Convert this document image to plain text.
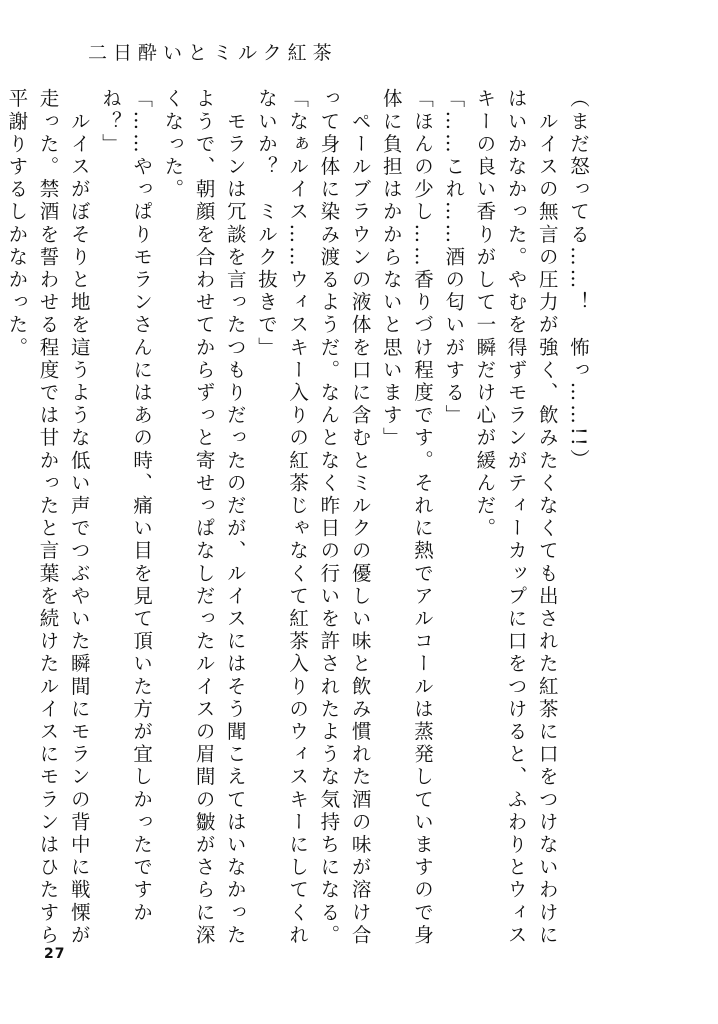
二日酔いとミルク紅茶

（まだ怒ってる……！　怖っ……!!）

　ルイスの無言の圧力が強く、飲みたくなくても出された紅茶に口をつけないわけにはいかなかった。やむを得ずモランがティーカップに口をつけると、ふわりとウィスキーの良い香りがして一瞬だけ心が緩んだ。

「……これ……酒の匂いがする」

「ほんの少し……香りづけ程度です。それに熱でアルコールは蒸発していますので身体に負担はかからないと思います」

　ペールブラウンの液体を口に含むとミルクの優しい味と飲み慣れた酒の味が溶け合って身体に染み渡るようだ。なんとなく昨日の行いを許されたような気持ちになる。

「なぁルイス……ウィスキー入りの紅茶じゃなくて紅茶入りのウィスキーにしてくれないか？　ミルク抜きで」

　モランは冗談を言ったつもりだったのだが、ルイスにはそう聞こえてはいなかったようで、朝顔を合わせてからずっと寄せっぱなしだったルイスの眉間の皺がさらに深くなった。

「……やっぱりモランさんにはあの時、痛い目を見て頂いた方が宜しかったですかね？」

　ルイスがぼそりと地を這うような低い声でつぶやいた瞬間にモランの背中に戦慄が走った。禁酒を誓わせる程度では甘かったと言葉を続けたルイスにモランはひたすら平謝りするしかなかった。

27
